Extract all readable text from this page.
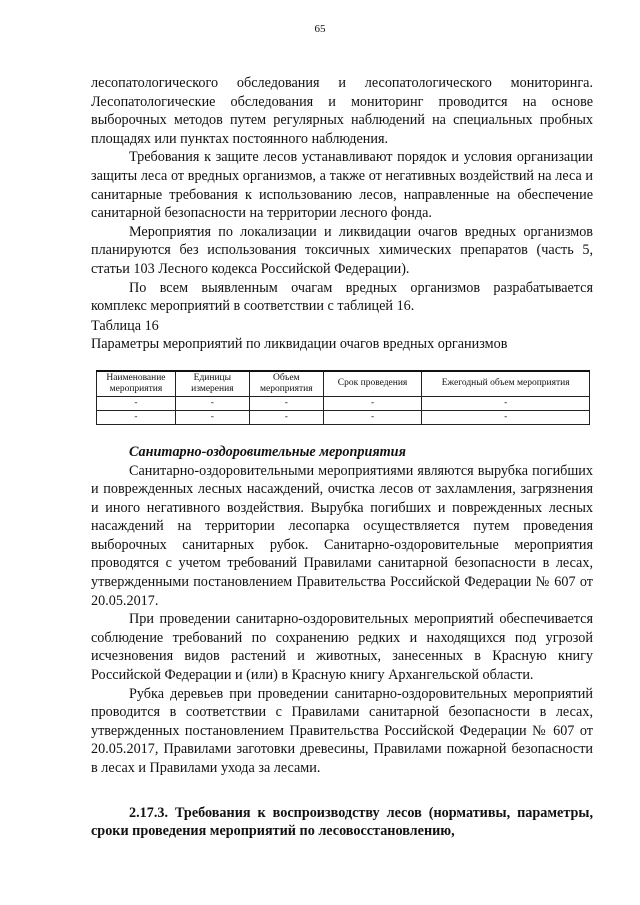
65

лесопатологического обследования и лесопатологического мониторинга. Лесопатологические обследования и мониторинг проводится на основе выборочных методов путем регулярных наблюдений на специальных пробных площадях или пунктах постоянного наблюдения.

Требования к защите лесов устанавливают порядок и условия организации защиты леса от вредных организмов, а также от негативных воздействий на леса и санитарные требования к использованию лесов, направленные на обеспечение санитарной безопасности на территории лесного фонда.

Мероприятия по локализации и ликвидации очагов вредных организмов планируются без использования токсичных химических препаратов (часть 5, статьи 103 Лесного кодекса Российской Федерации).

По всем выявленным очагам вредных организмов разрабатывается комплекс мероприятий в соответствии с таблицей 16.

Таблица 16

Параметры мероприятий по ликвидации очагов вредных организмов

Наименование мероприятия	Единицы измерения	Объем мероприятия	Срок проведения	Ежегодный объем мероприятия
-	-	-	-	-
-	-	-	-	-

Санитарно-оздоровительные мероприятия

Санитарно-оздоровительными мероприятиями являются вырубка погибших и поврежденных лесных насаждений, очистка лесов от захламления, загрязнения и иного негативного воздействия. Вырубка погибших и поврежденных лесных насаждений на территории лесопарка осуществляется путем проведения выборочных санитарных рубок. Санитарно-оздоровительные мероприятия проводятся с учетом требований Правилами санитарной безопасности в лесах, утвержденными постановлением Правительства Российской Федерации № 607 от 20.05.2017.

При проведении санитарно-оздоровительных мероприятий обеспечивается соблюдение требований по сохранению редких и находящихся под угрозой исчезновения видов растений и животных, занесенных в Красную книгу Российской Федерации и (или) в Красную книгу Архангельской области.

Рубка деревьев при проведении санитарно-оздоровительных мероприятий проводится в соответствии с Правилами санитарной безопасности в лесах, утвержденных постановлением Правительства Российской Федерации № 607 от 20.05.2017, Правилами заготовки древесины, Правилами пожарной безопасности в лесах и Правилами ухода за лесами.

2.17.3. Требования к воспроизводству лесов (нормативы, параметры, сроки проведения мероприятий по лесовосстановлению,
